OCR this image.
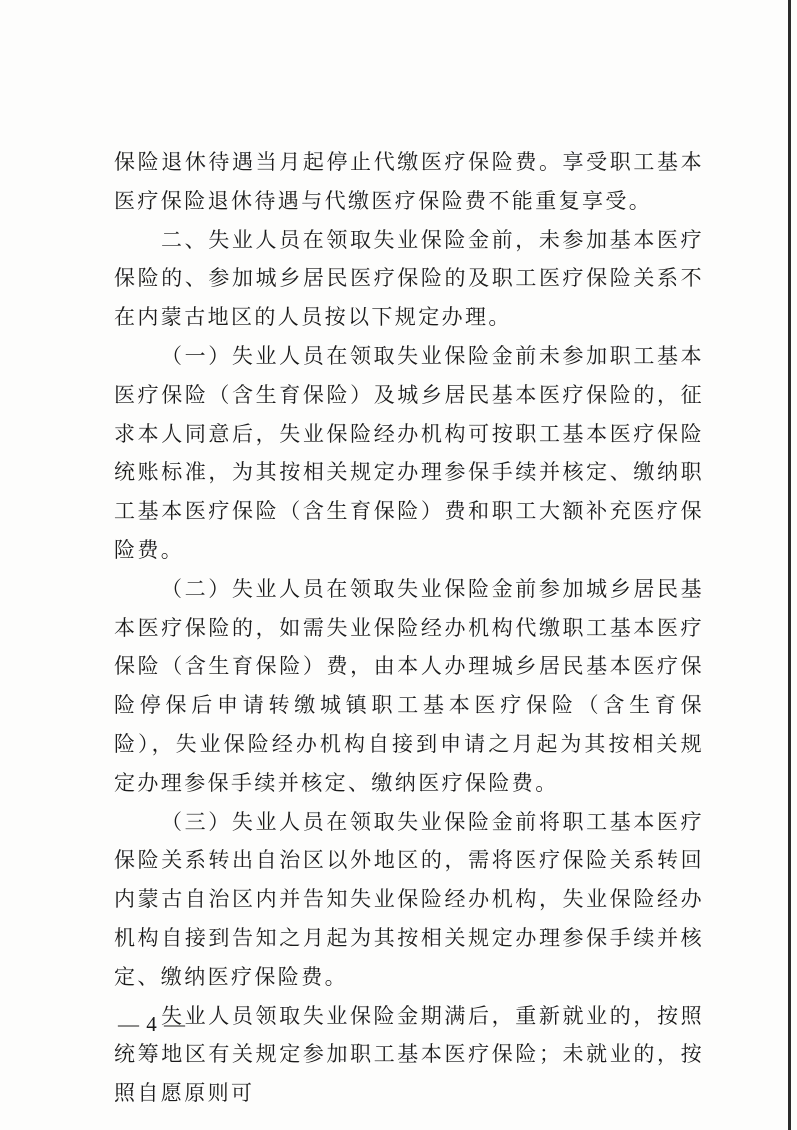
保险退休待遇当月起停止代缴医疗保险费。享受职工基本医疗保险退休待遇与代缴医疗保险费不能重复享受。

二、失业人员在领取失业保险金前，未参加基本医疗保险的、参加城乡居民医疗保险的及职工医疗保险关系不在内蒙古地区的人员按以下规定办理。

（一）失业人员在领取失业保险金前未参加职工基本医疗保险（含生育保险）及城乡居民基本医疗保险的，征求本人同意后，失业保险经办机构可按职工基本医疗保险统账标准，为其按相关规定办理参保手续并核定、缴纳职工基本医疗保险（含生育保险）费和职工大额补充医疗保险费。

（二）失业人员在领取失业保险金前参加城乡居民基本医疗保险的，如需失业保险经办机构代缴职工基本医疗保险（含生育保险）费，由本人办理城乡居民基本医疗保险停保后申请转缴城镇职工基本医疗保险（含生育保险），失业保险经办机构自接到申请之月起为其按相关规定办理参保手续并核定、缴纳医疗保险费。

（三）失业人员在领取失业保险金前将职工基本医疗保险关系转出自治区以外地区的，需将医疗保险关系转回内蒙古自治区内并告知失业保险经办机构，失业保险经办机构自接到告知之月起为其按相关规定办理参保手续并核定、缴纳医疗保险费。

失业人员领取失业保险金期满后，重新就业的，按照统筹地区有关规定参加职工基本医疗保险；未就业的，按照自愿原则可

— 4 —
